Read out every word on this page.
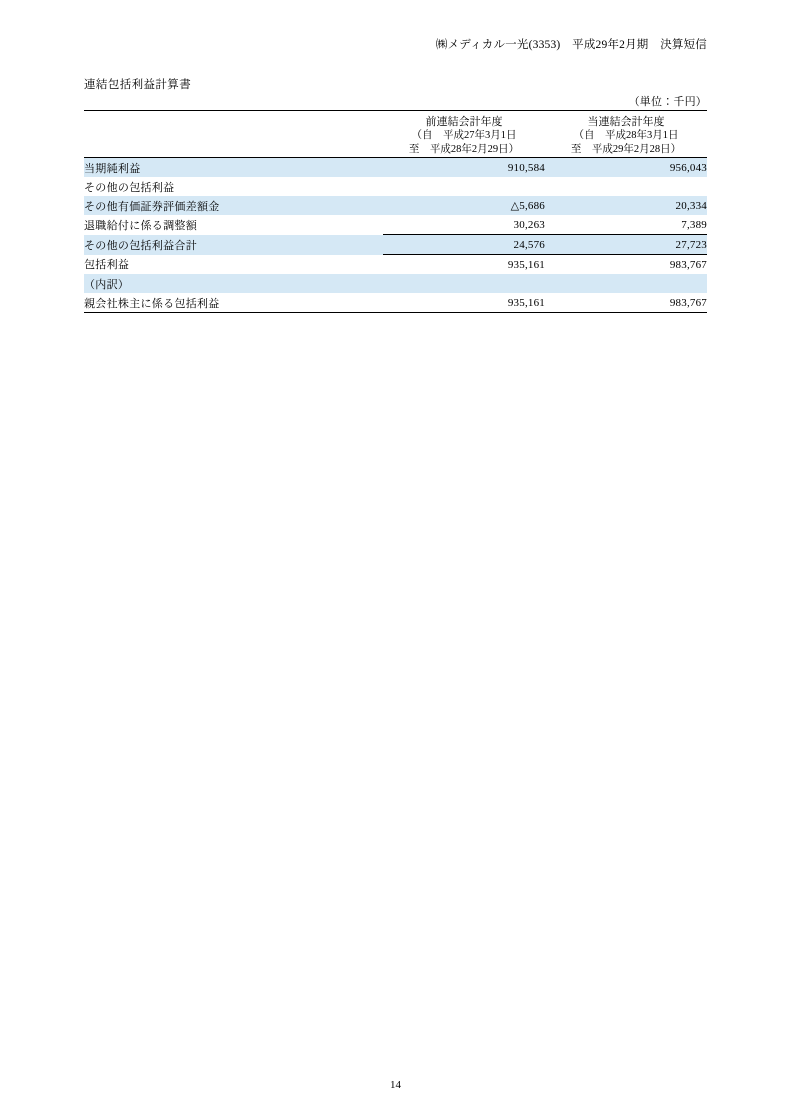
㈱メディカル一光(3353)　平成29年2月期　決算短信
連結包括利益計算書
（単位：千円）

	前連結会計年度
（自　平成27年3月1日
至　平成28年2月29日）	当連結会計年度
（自　平成28年3月1日
至　平成29年2月28日）

当期純利益	910,584	956,043
その他の包括利益		
その他有価証券評価差額金	△5,686	20,334
退職給付に係る調整額	30,263	7,389
その他の包括利益合計	24,576	27,723
包括利益	935,161	983,767
（内訳）		
親会社株主に係る包括利益	935,161	983,767
14
